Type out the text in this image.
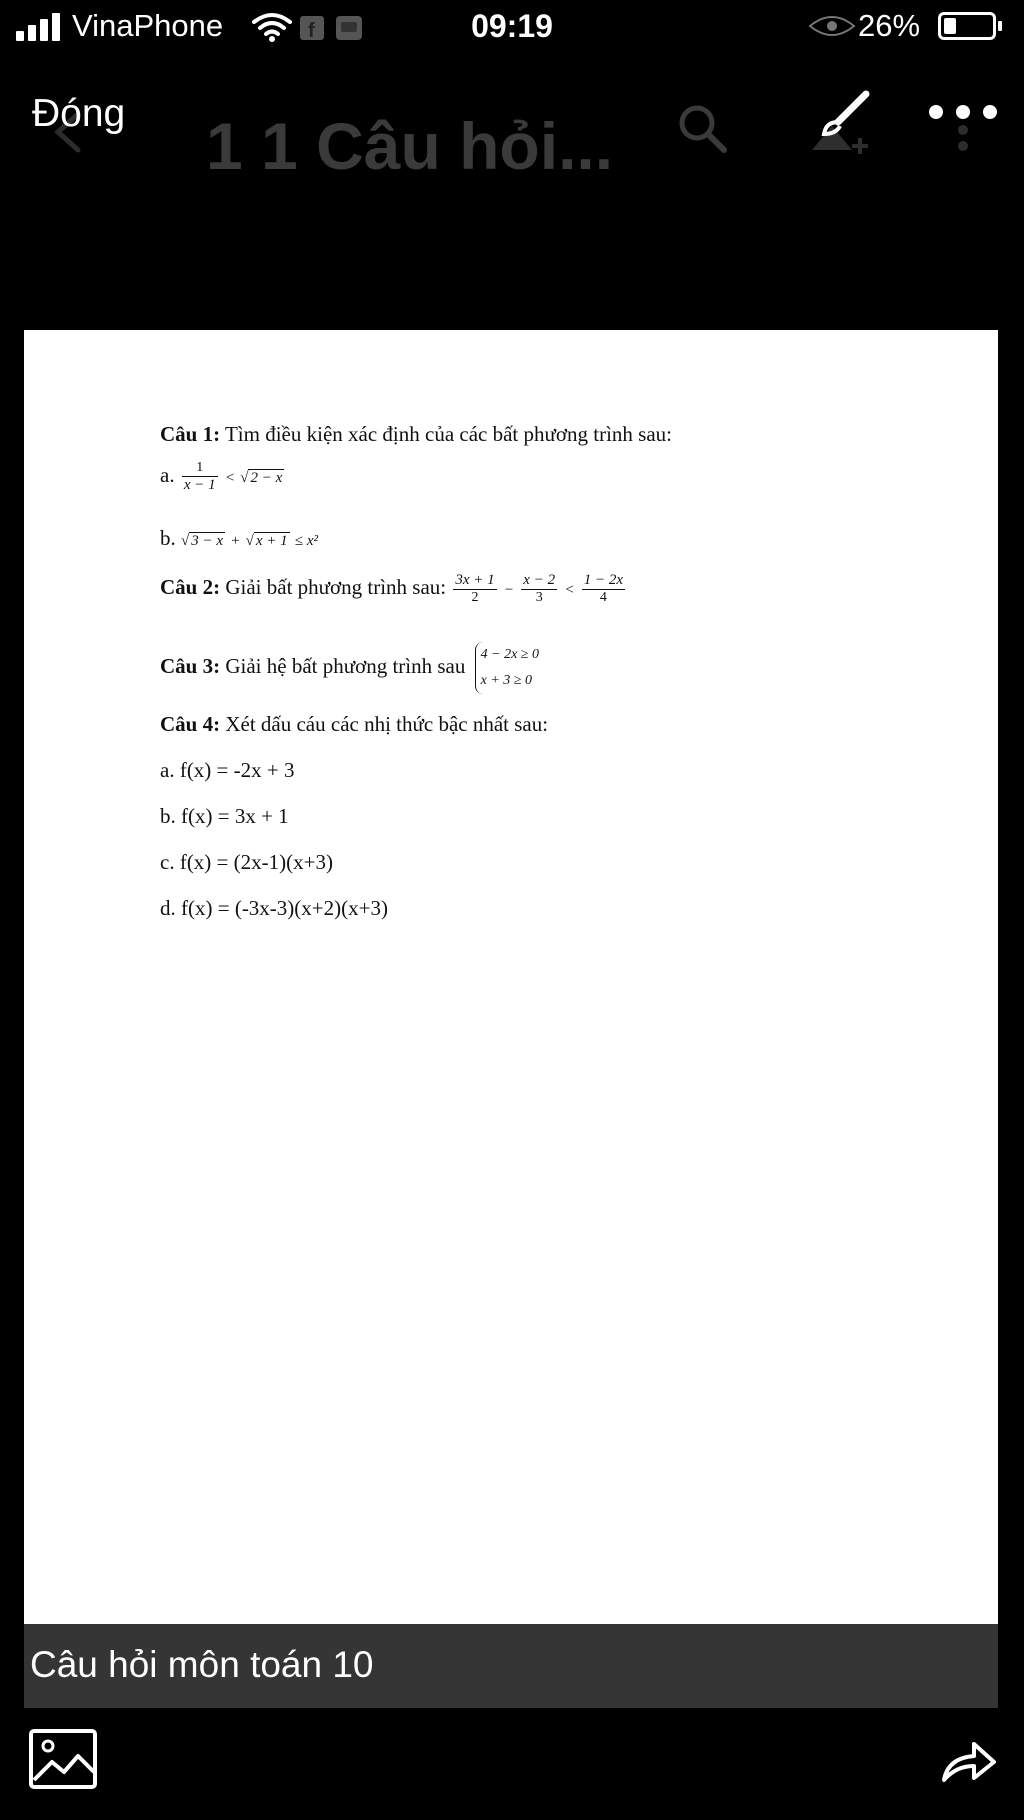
VinaPhone	f	09:19	26%
Đóng 1 1 Câu hỏi...
Câu 1: Tìm điều kiện xác định của các bất phương trình sau:
a. $\frac{1}{x - 1}$ < √ 2 − x
b. √ 3 − x + √ x + 1 ≤ x²
Câu 2: Giải bất phương trình sau: $\frac{3x + 1}{2} - \frac{x - 2}{3} < \frac{1 - 2x}{4}$
Câu 3: Giải hệ bất phương trình sau 4 − 2x ≥ 0
x + 3 ≥ 0
Câu 4: Xét dấu cáu các nhị thức bậc nhất sau:
a. f(x) = -2x + 3
b. f(x) = 3x + 1
c. f(x) = (2x-1)(x+3)
d. f(x) = (-3x-3)(x+2)(x+3)
Câu hỏi môn toán 10
